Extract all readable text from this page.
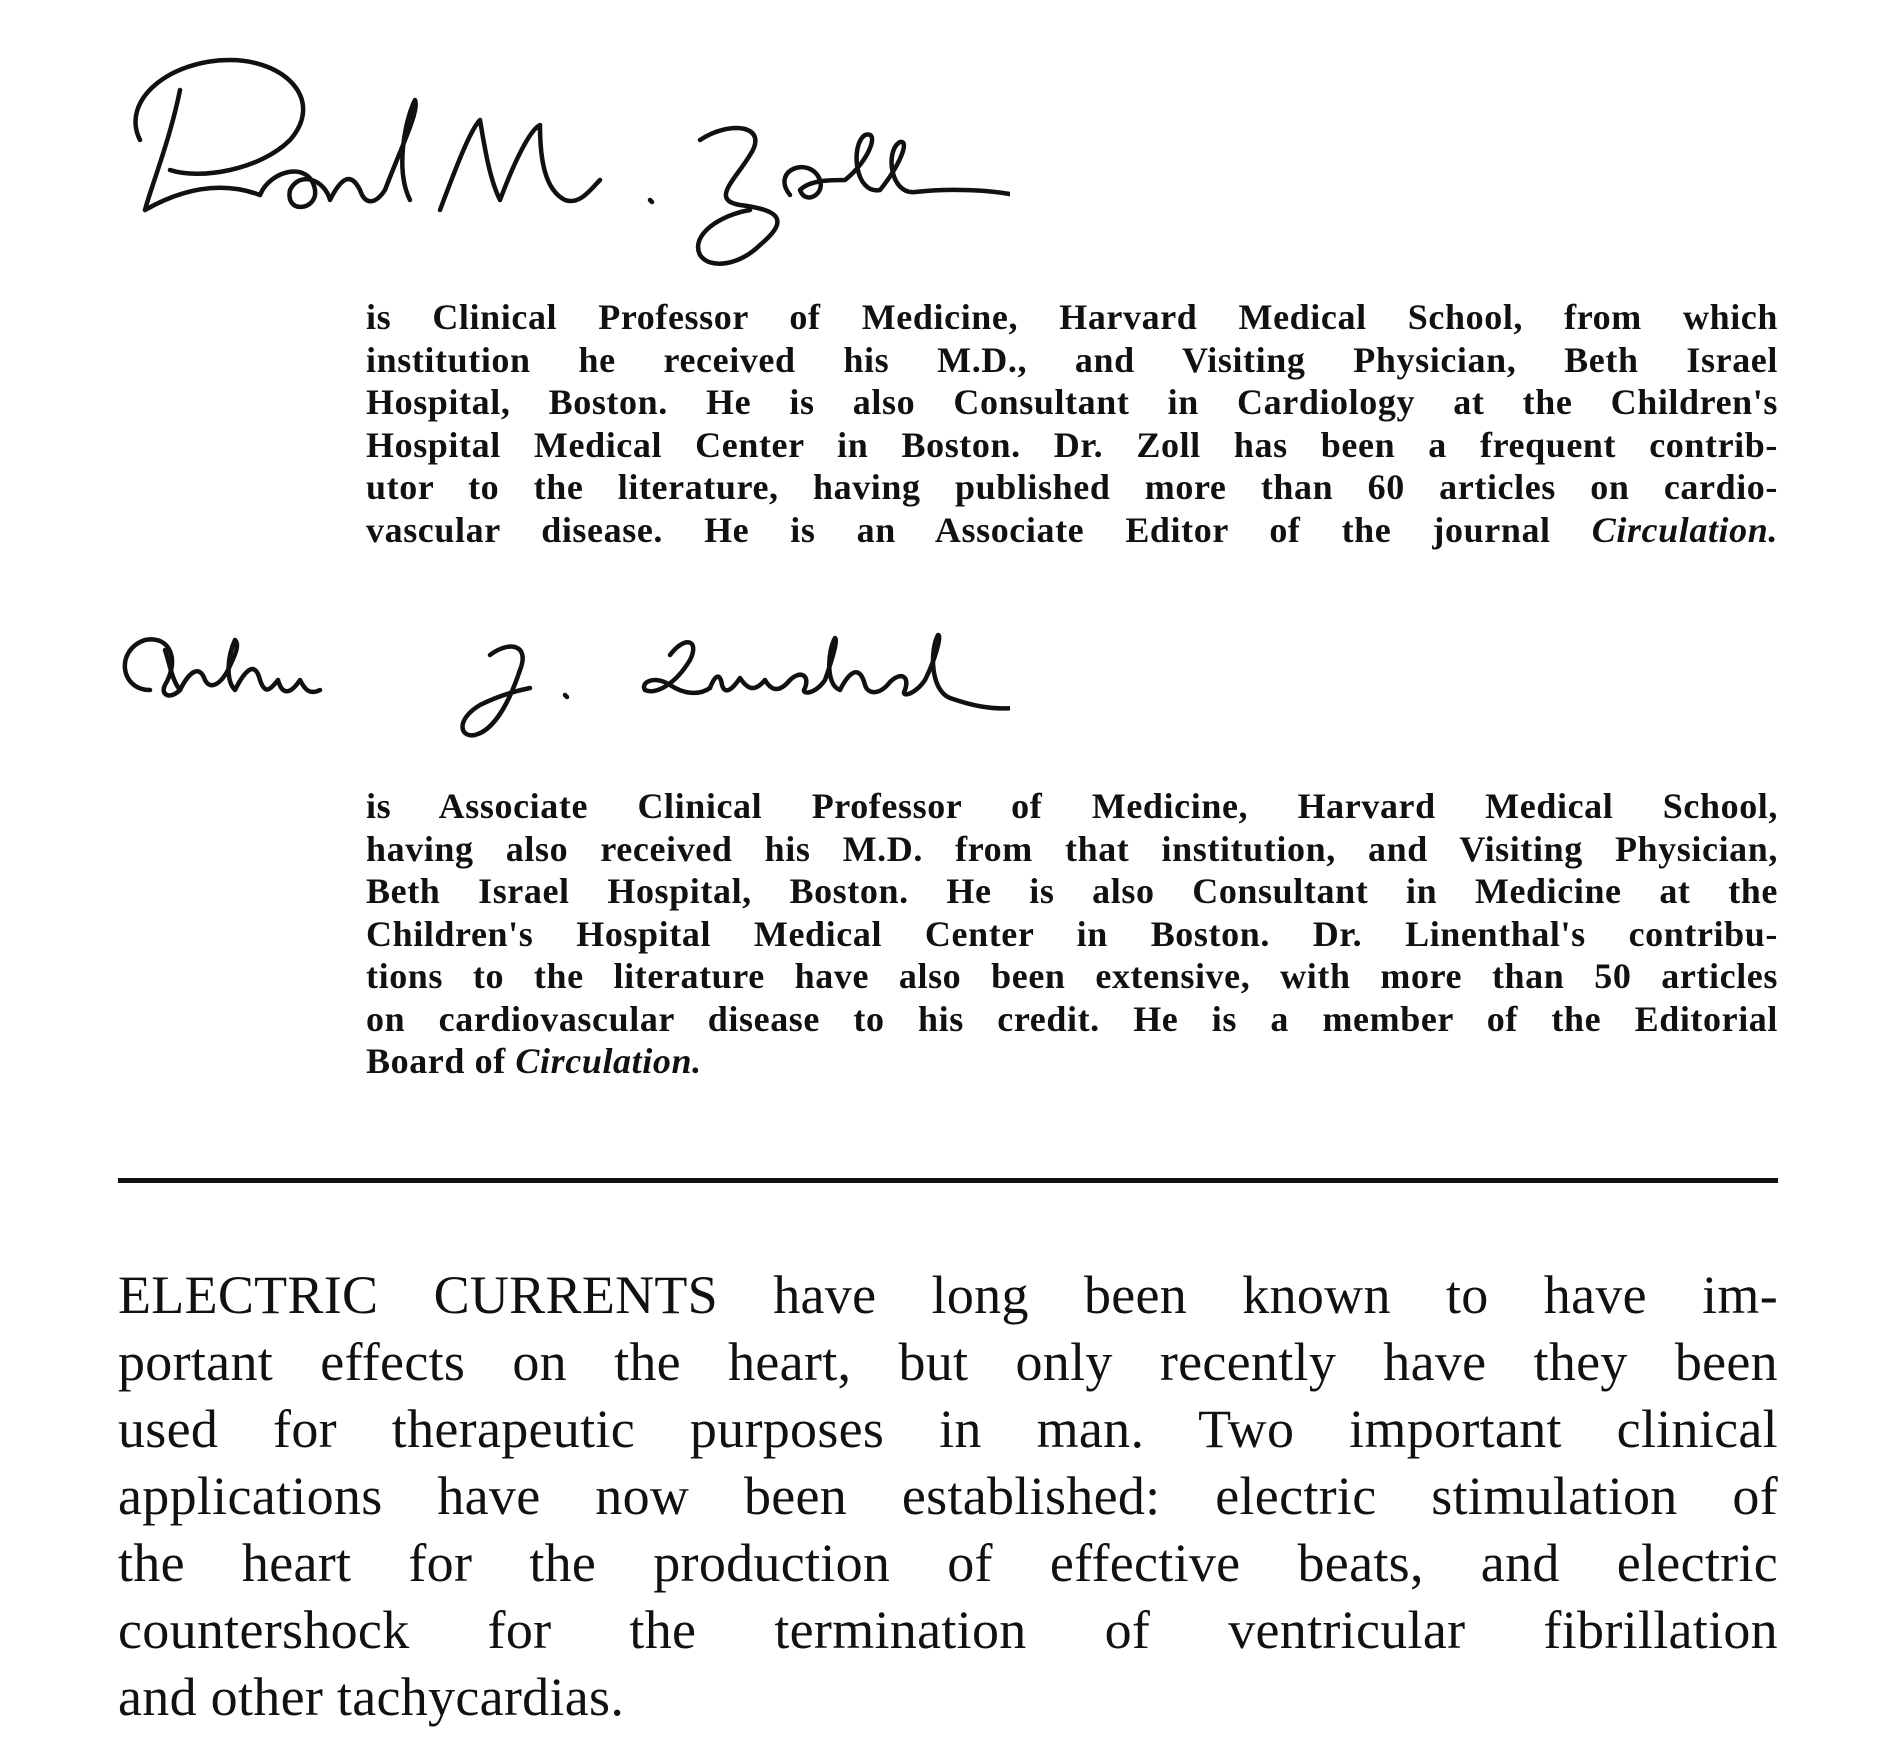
is Clinical Professor of Medicine, Harvard Medical School, from which
institution he received his M.D., and Visiting Physician, Beth Israel
Hospital, Boston. He is also Consultant in Cardiology at the Children's
Hospital Medical Center in Boston. Dr. Zoll has been a frequent contrib-
utor to the literature, having published more than 60 articles on cardio-
vascular disease. He is an Associate Editor of the journal Circulation.
is Associate Clinical Professor of Medicine, Harvard Medical School,
having also received his M.D. from that institution, and Visiting Physician,
Beth Israel Hospital, Boston. He is also Consultant in Medicine at the
Children's Hospital Medical Center in Boston. Dr. Linenthal's contribu-
tions to the literature have also been extensive, with more than 50 articles
on cardiovascular disease to his credit. He is a member of the Editorial
Board of Circulation.
ELECTRIC CURRENTS have long been known to have im-
portant effects on the heart, but only recently have they been
used for therapeutic purposes in man. Two important clinical
applications have now been established: electric stimulation of
the heart for the production of effective beats, and electric
countershock for the termination of ventricular fibrillation
and other tachycardias.
